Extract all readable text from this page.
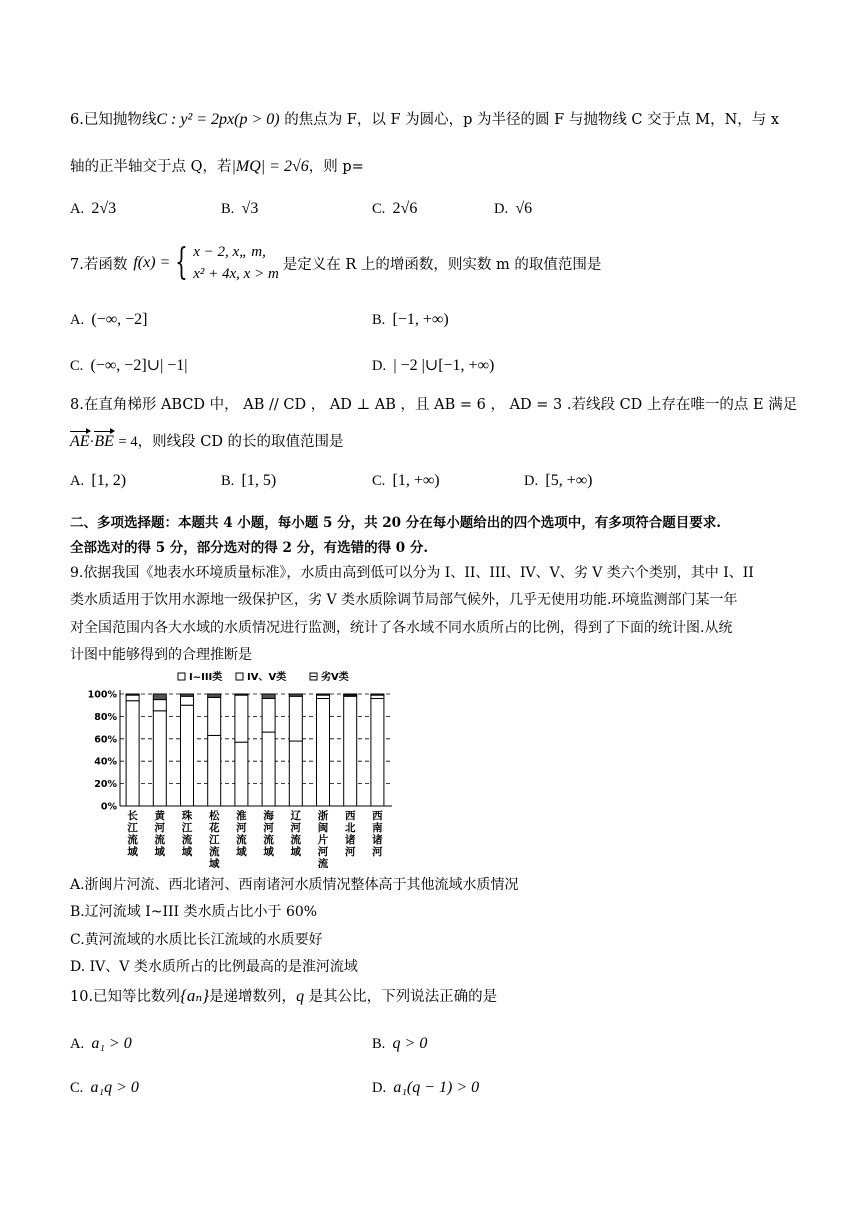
6.已知抛物线C : y² = 2px(p > 0) 的焦点为 F，以 F 为圆心，p 为半径的圆 F 与抛物线 C 交于点 M，N，与 x
轴的正半轴交于点 Q，若|MQ| = 2√6，则 p=
A. 2√3	B. √3	C. 2√6	D. √6
7.若函数 f(x) = { x − 2, x„ m,
x² + 4x, x > m
是定义在 R 上的增函数，则实数 m 的取值范围是
A. (−∞, −2]	B. [−1, +∞)
C. (−∞, −2]∪| −1|	D. | −2 |∪[−1, +∞)
8.在直角梯形 ABCD 中， AB // CD ， AD ⊥ AB ，且 AB = 6 ， AD = 3 .若线段 CD 上存在唯一的点 E 满足
AE·BE = 4，则线段 CD 的长的取值范围是
A. [1, 2)	B. [1, 5)	C. [1, +∞)	D. [5, +∞)
二、多项选择题：本题共 4 小题，每小题 5 分，共 20 分在每小题给出的四个选项中，有多项符合题目要求.
全部选对的得 5 分，部分选对的得 2 分，有选错的得 0 分.
9.依据我国《地表水环境质量标准》，水质由高到低可以分为 I、II、III、IV、V、劣 V 类六个类别，其中 I、II
类水质适用于饮用水源地一级保护区，劣 V 类水质除调节局部气候外，几乎无使用功能.环境监测部门某一年
对全国范围内各大水域的水质情况进行监测，统计了各水域不同水质所占的比例，得到了下面的统计图.从统
计图中能够得到的合理推断是
I~III类 IV、V类	劣V类
0%
20%
40%
60%
80%
100%
长
江
流
域
黄
河
流
域
珠
江
流
域
松
花
江
流
域
淮
河
流
域
海
河
流
域
辽
河
流
域
浙
闽
片
河
流
西
北
诸
河
西
南
诸
河
A.浙闽片河流、西北诸河、西南诸河水质情况整体高于其他流域水质情况
B.辽河流域 I~III 类水质占比小于 60%
C.黄河流域的水质比长江流域的水质要好
D. IV、V 类水质所占的比例最高的是淮河流域
10.已知等比数列{aₙ}是递增数列，q 是其公比，下列说法正确的是
A. a₁ > 0	B. q > 0
C. a₁q > 0	D. a₁(q − 1) > 0
